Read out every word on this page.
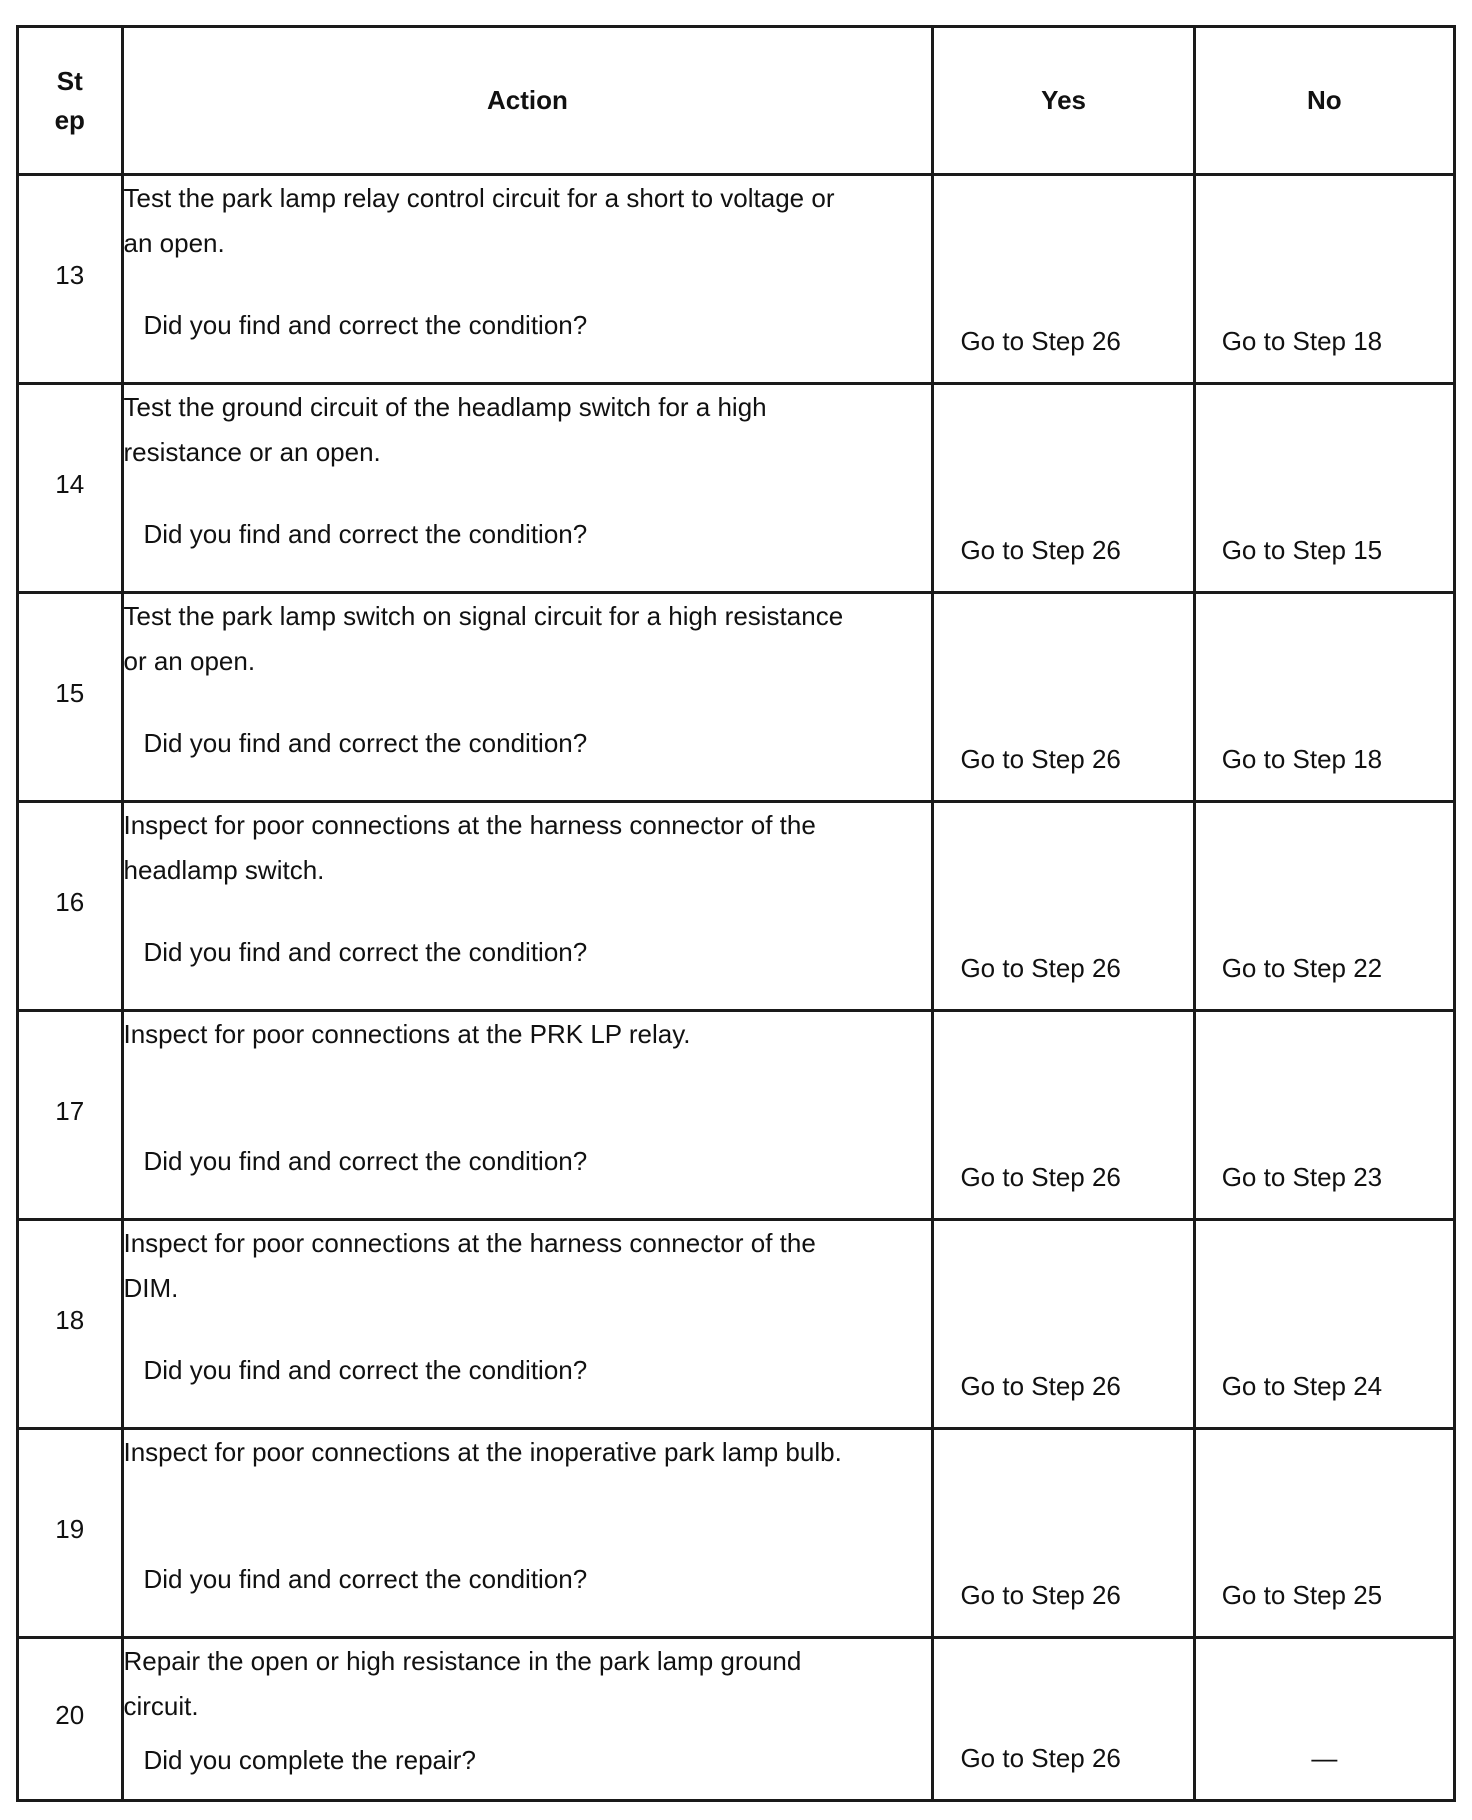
St ep	Action	Yes	No
13	Test the park lamp relay control circuit for a short to voltage or an open.
Did you find and correct the condition?	Go to Step 26	Go to Step 18

14	Test the ground circuit of the headlamp switch for a high resistance or an open.
Did you find and correct the condition?	Go to Step 26	Go to Step 15

15	Test the park lamp switch on signal circuit for a high resistance or an open.
Did you find and correct the condition?	Go to Step 26	Go to Step 18

16	Inspect for poor connections at the harness connector of the headlamp switch.
Did you find and correct the condition?	Go to Step 26	Go to Step 22

17	Inspect for poor connections at the PRK LP relay.
Did you find and correct the condition?	Go to Step 26	Go to Step 23

18	Inspect for poor connections at the harness connector of the DIM.
Did you find and correct the condition?	Go to Step 26	Go to Step 24

19	Inspect for poor connections at the inoperative park lamp bulb.
Did you find and correct the condition?	Go to Step 26	Go to Step 25

20	Repair the open or high resistance in the park lamp ground circuit.
Did you complete the repair?	Go to Step 26	—
